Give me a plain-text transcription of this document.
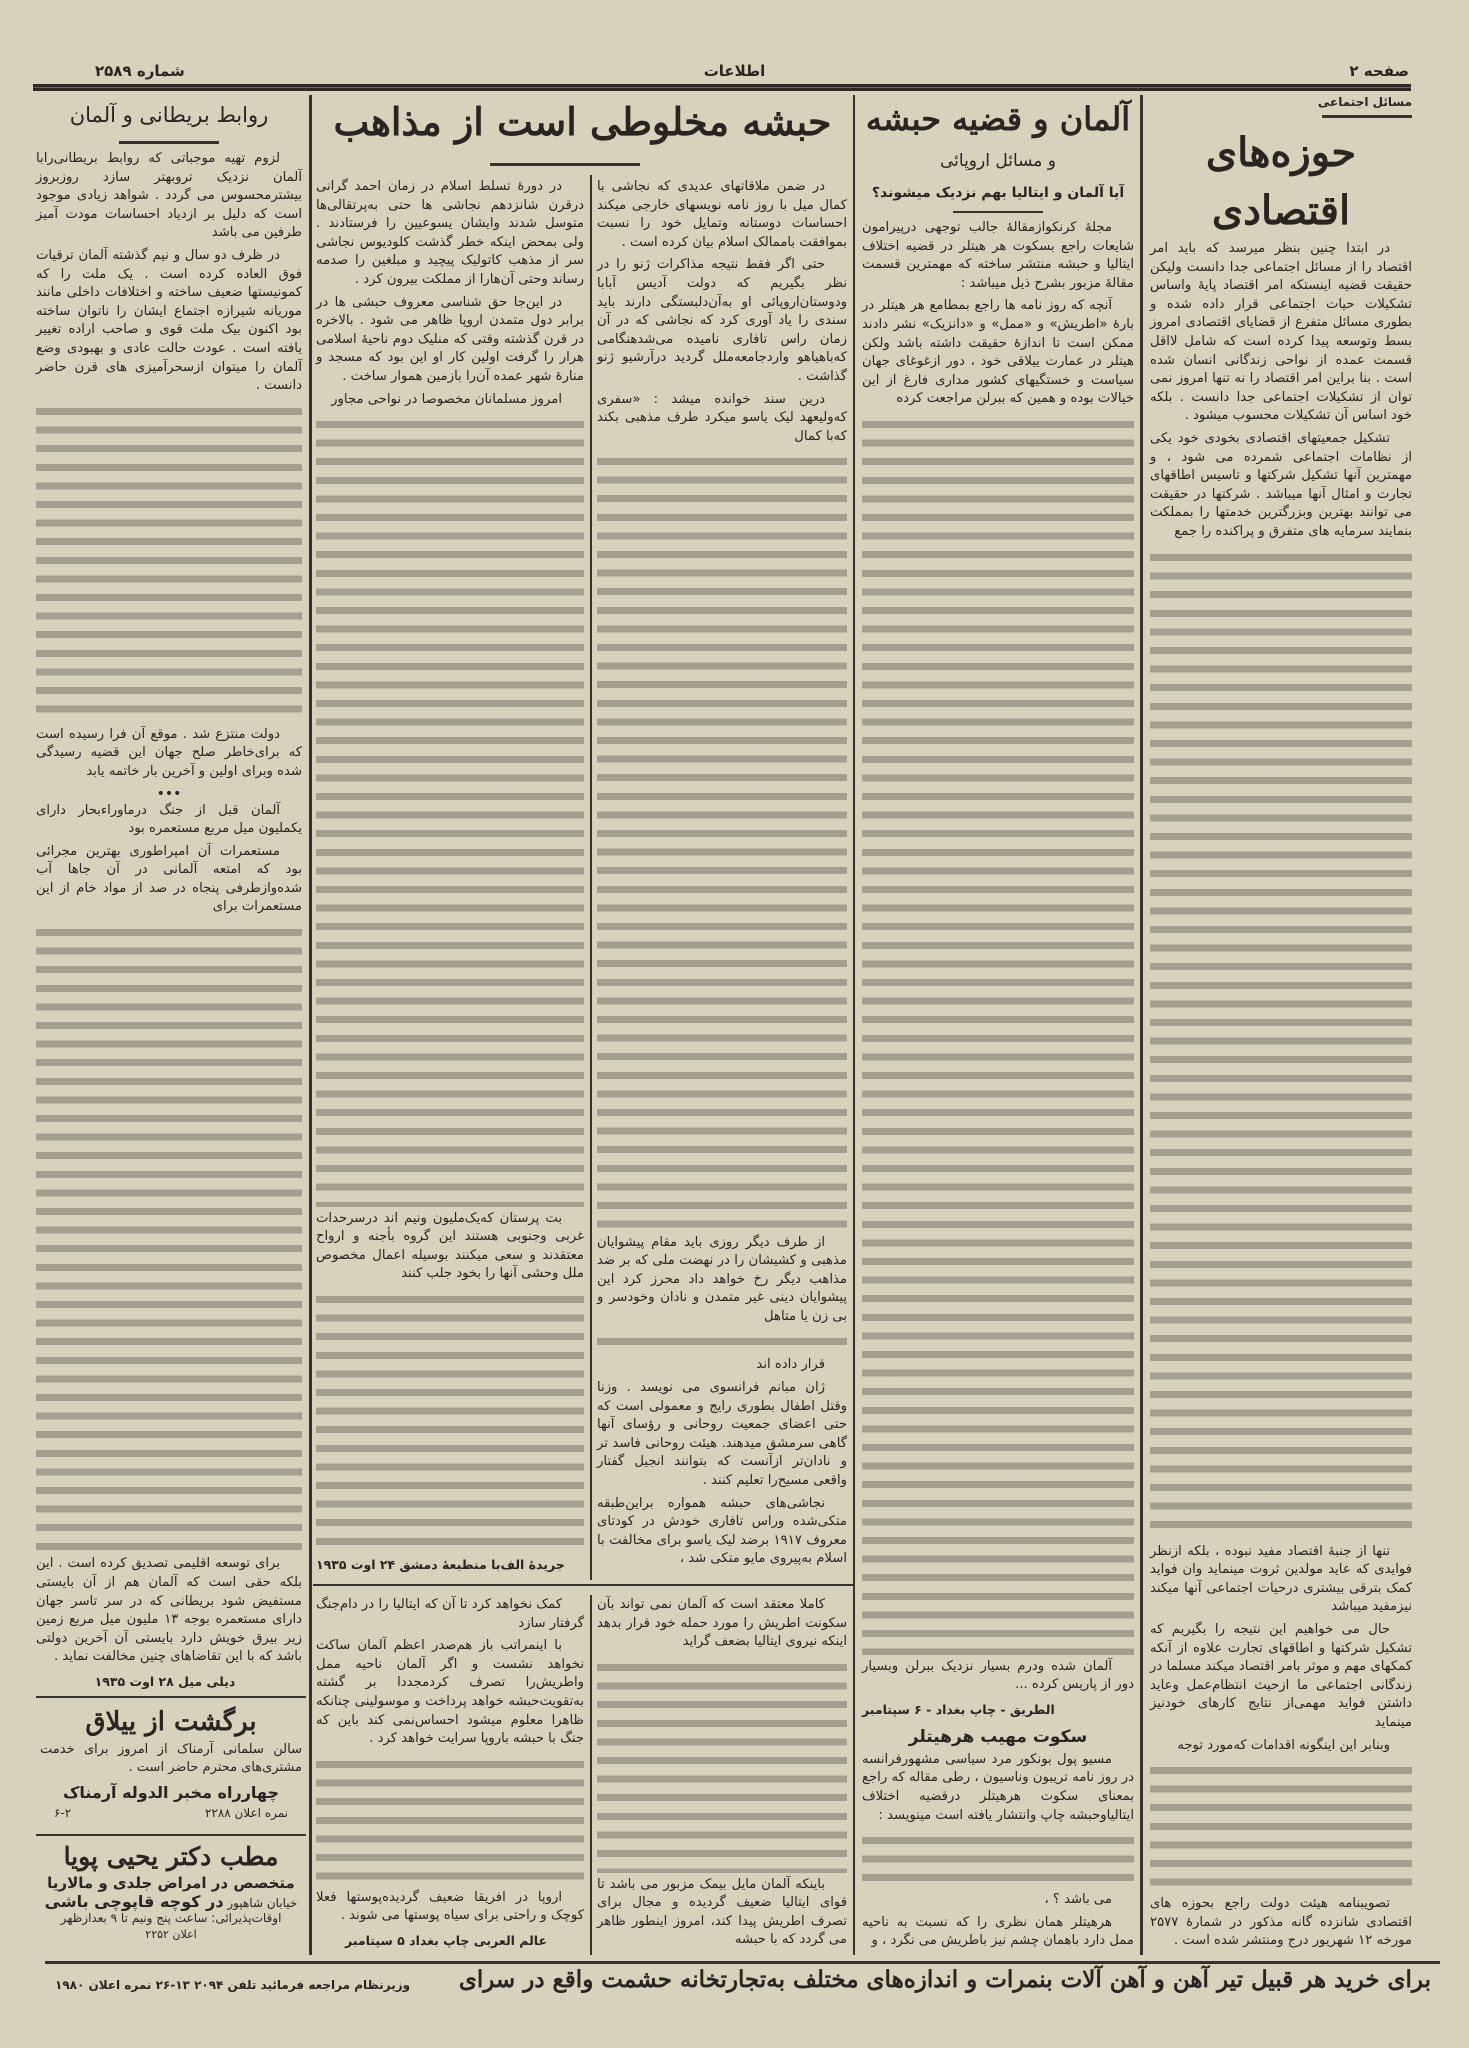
صفحه ۲
اطلاعات
شماره ۲۵۸۹
مسائل اجتماعی
حوزه‌های اقتصادی

در ابتدا چنین بنظر میرسد که باید امر اقتصاد را از مسائل اجتماعی جدا دانست ولیکن حقیقت قضیه اینستکه امر اقتصاد پایهٔ واساس تشکیلات حیات اجتماعی قرار داده شده و بطوری مسائل متفرع از قضایای اقتصادی امروز بسط وتوسعه پیدا کرده است که شامل لااقل قسمت عمده از نواحی زندگانی انسان شده است . بنا براین امر اقتصاد را نه تنها امروز نمی توان از تشکیلات اجتماعی جدا دانست . بلکه خود اساس آن تشکیلات محسوب میشود .

تشکیل جمعیتهای اقتصادی بخودی خود یکی از نظامات اجتماعی شمرده می شود ، و مهمترین آنها تشکیل شرکتها و تاسیس اطاقهای تجارت و امثال آنها میباشد . شرکتها در حقیقت می توانند بهترین وبزرگترین خدمتها را بمملکت بنمایند سرمایه های متفرق و پراکنده را جمع

تنها از جنبهٔ اقتصاد مفید نبوده ، بلکه ازنظر فوایدی که عاید مولدین ثروت مینماید وان فواید کمک بترقی بیشتری درحیات اجتماعی آنها میکند نیزمفید میباشد

حال می خواهیم این نتیجه را بگیریم که تشکیل شرکتها و اطاقهای تجارت علاوه از آنکه کمکهای مهم و موثر بامر اقتصاد میکند مسلما در زندگانی اجتماعی ما ازحیث انتظام‌عمل وعاید داشتن فواید مهمی‌از نتایج کارهای خودنیز مینماید

وبنابر این اینگونه اقدامات که‌مورد توجه

تصویبنامه هیئت دولت راجع بحوزه های اقتصادی شانزده گانه مذکور در شمارهٔ ۲۵۷۷ مورخه ۱۲ شهریور درج ومنتشر شده است .

آلمان و قضیه حبشه
و مسائل اروپائی
آیا آلمان و ایتالیا بهم نزدیک میشوند؟

مجلهٔ کرنکوازمقالهٔ جالب توجهی درپیرامون شایعات راجع بسکوت هر هیتلر در قضیه اختلاف ایتالیا و حبشه منتشر ساخته که مهمترین قسمت مقالهٔ مزبور بشرح ذیل میباشد :

آنچه که روز نامه ها راجع بمطامع هر هیتلر در بارهٔ «اطریش» و «ممل» و «دانزیک» نشر دادند ممکن است تا اندازهٔ حقیقت داشته باشد ولکن هیتلر در عمارت ییلاقی خود ، دور ازغوغای جهان سیاست و خستگیهای کشور مداری فارغ از این خیالات بوده و همین که ببرلن مراجعت کرده

آلمان شده ودرم بسیار نزدیک ببرلن وبسیار دور از پاریس کرده ...

الطریق - چاپ بغداد - ۶ سپتامبر
سکوت مهیب هرهیتلر

مسیو پول بونکور مرد سیاسی مشهورفرانسه در روز نامه تریبون وناسیون ، رطی مقاله که راجع بمعنای سکوت هرهیتلر درقضیه اختلاف ایتالیاوحبشه چاپ وانتشار یافته است مینویسد :

می باشد ؟ ،

هرهیتلر همان نظری را که نسبت به ناحیه ممل دارد باهمان چشم نیز باطریش می نگرد ، و

حبشه مخلوطی است از مذاهب

در ضمن ملاقاتهای عدیدی که نجاشی با کمال میل با روز نامه نویسهای خارجی میکند احساسات دوستانه وتمایل خود را نسبت بموافقت باممالک اسلام بیان کرده است .

حتی اگر فقط نتیجه مذاکرات ژنو را در نظر بگیریم که دولت آدیس آبابا ودوستان‌اروپائی او به‌آن‌دلبستگی دارند باید سندی را یاد آوری کرد که نجاشی که در آن زمان راس تافاری نامیده می‌شدهنگامی که‌باهیاهو واردجامعه‌ملل گردید درآرشیو ژنو گذاشت .

درین سند خوانده میشد : «سفری که‌ولیعهد لیک یاسو میکرد طرف مذهبی بکند که‌با کمال

از طرف دیگر روزی باید مقام پیشوایان مذهبی و کشیشان را در نهضت ملی که بر ضد مذاهب دیگر رخ خواهد داد محرز کرد این پیشوایان دینی غیر متمدن و نادان وخودسر و بی زن یا متاهل

قرار داده اند

ژان مبانم فرانسوی می نویسد . وزنا وقتل اطفال بطوری رایج و معمولی است که حتی اعضای جمعیت روحانی و رؤسای آنها گاهی سرمشق میدهند. هیئت روحانی فاسد تر و نادان‌تر ازآنست که بتوانند انجیل گفتار واقعی مسیح‌را تعلیم کنند .

نجاشی‌های حبشه همواره براین‌طبقه متکی‌شده وراس تافاری خودش در کودتای معروف ۱۹۱۷ برضد لیک یاسو برای مخالفت با اسلام به‌پیروی مایو متکی شد ،

در دورهٔ تسلط اسلام در زمان احمد گرانی درقرن شانزدهم نجاشی ها حتی به‌پرتقالی‌ها متوسل شدند وایشان یسوعیین را فرستادند . ولی بمحض اینکه خطر گذشت کلودیوس نجاشی سر از مذهب کاتولیک پیچید و مبلغین را صدمه رساند وحتی آن‌هارا از مملکت بیرون کرد .

در این‌جا حق شناسی معروف حبشی ها در برابر دول متمدن اروپا ظاهر می شود . بالاخره در قرن گذشته وقتی که منلیک دوم ناحیهٔ اسلامی هرار را گرفت اولین کار او این بود که مسجد و منارهٔ شهر عمده آن‌را بازمین هموار ساخت .

امروز مسلمانان مخصوصا در نواحی مجاور

بت پرستان که‌یک‌ملیون ونیم اند درسرحدات غربی وجنوبی هستند این گروه بأجنه و ارواح معتقدند و سعی میکنند بوسیله اعمال مخصوص ملل وحشی آنها را بخود جلب کنند

جریدهٔ الف‌با منطبعهٔ دمشق ۲۴ اوت ۱۹۳۵

کاملا معتقد است که آلمان نمی تواند بآن سکونت اطریش را مورد حمله خود قرار بدهد اینکه نیروی ایتالیا بضعف گراید

باینکه آلمان مایل بیمک مزبور می باشد تا قوای ایتالیا ضعیف گردیده و مجال برای تصرف اطریش پیدا کند، امروز اینطور ظاهر می گردد که با حبشه

کمک نخواهد کرد تا آن که ایتالیا را در دام‌جنگ گرفتار سازد

با اینمراتب باز هم‌صدر اعظم آلمان ساکت نخواهد نشست و اگر آلمان ناحیه ممل واطریش‌را تصرف کردمجددا بر گشته به‌تقویت‌حبشه خواهد پرداخت و موسولینی چنانکه ظاهرا معلوم میشود احساس‌نمی کند باین که جنگ با حبشه باروپا سرایت خواهد کرد .

اروپا در افریقا ضعیف گردیده‌پوستها فعلا کوچک و راحتی برای سیاه پوستها می شوند .

عالم العربی چاپ بغداد ۵ سپتامبر
روابط بریطانی و آلمان

لزوم تهیه موجباتی که روابط بریطانی‌رابا آلمان نزدیک تروبهتر سازد روزبروز بیشترمحسوس می گردد . شواهد زیادی موجود است که دلیل بر ازدیاد احساسات مودت آمیز طرفین می باشد

در ظرف دو سال و نیم گذشته آلمان ترقیات فوق العاده کرده است . یک ملت را که کمونیستها ضعیف ساخته و اختلافات داخلی مانند موریانه شیرازه اجتماع ایشان را ناتوان ساخته بود اکنون بیک ملت قوی و صاحب اراده تغییر یافته است . عودت حالت عادی و بهبودی وضع آلمان را میتوان ازسحرآمیزی های قرن حاضر دانست .

دولت منتزع شد . موقع آن فرا رسیده است که برای‌خاطر صلح جهان این قضیه رسیدگی شده وبرای اولین و آخرین بار خاتمه یابد

•••

آلمان قبل از جنگ درماوراء‌بحار دارای یکملیون میل مربع مستعمره بود

مستعمرات آن امپراطوری بهترین مجرائی بود که امتعه آلمانی در آن جاها آب شده‌وازطرفی پنجاه در صد از مواد خام از این مستعمرات برای

برای توسعه اقلیمی تصدیق کرده است . این بلکه حقی است که آلمان هم از آن بایستی مستفیض شود بریطانی که در سر تاسر جهان دارای مستعمره بوجه ۱۳ ملیون میل مربع زمین زیر بیرق خویش دارد بایستی آن آخرین دولتی باشد که با این تقاضاهای چنین مخالفت نماید .

دیلی میل ۲۸ اوت ۱۹۳۵
برگشت از ییلاق
سالن سلمانی آرمناک از امروز برای خدمت مشتری‌های محترم حاضر است .
چهارراه مخبر الدوله آرمناک
نمره اعلان ۲۲۸۸
۶-۲
مطب دکتر یحیی پویا
متخصص در امراض جلدی و مالاریا
خیابان شاهپور در کوچه قاپوچی باشی
اوقات‌پذیرائی: ساعت پنج ونیم تا ۹ بعدازظهر
اعلان ۲۲۵۲
برای خرید هر قبیل تیر آهن و آهن آلات بنمرات و اندازه‌های مختلف به‌تجارتخانه حشمت واقع در سرای
وزیرنظام مراجعه فرمائید تلفن ۲۰۹۴ ۱۳-۲۶ نمره اعلان ۱۹۸۰
